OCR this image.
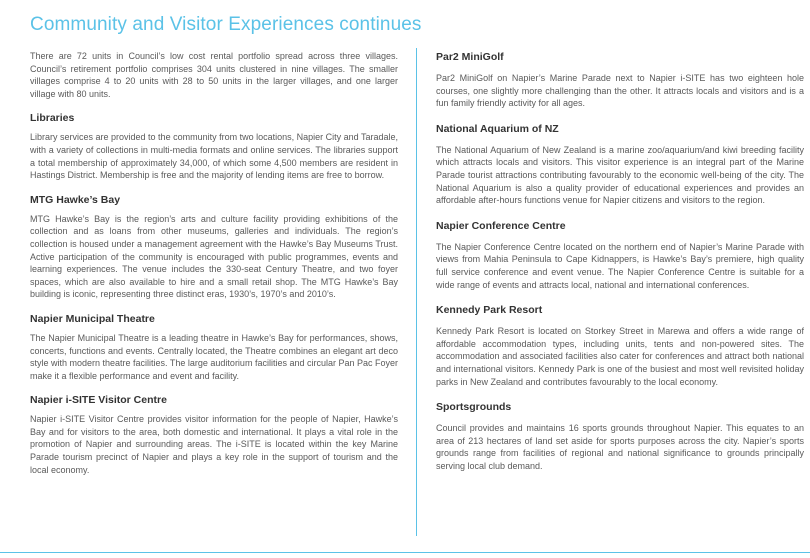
Community and Visitor Experiences continues

There are 72 units in Council’s low cost rental portfolio spread across three villages. Council’s retirement portfolio comprises 304 units clustered in nine villages. The smaller villages comprise 4 to 20 units with 28 to 50 units in the larger villages, and one larger village with 80 units.

Libraries

Library services are provided to the community from two locations, Napier City and Taradale, with a variety of collections in multi-media formats and online services. The libraries support a total membership of approximately 34,000, of which some 4,500 members are resident in Hastings District. Membership is free and the majority of lending items are free to borrow.

MTG Hawke’s Bay

MTG Hawke’s Bay is the region’s arts and culture facility providing exhibitions of the collection and as loans from other museums, galleries and individuals. The region’s collection is housed under a management agreement with the Hawke’s Bay Museums Trust. Active participation of the community is encouraged with public programmes, events and learning experiences. The venue includes the 330-seat Century Theatre, and two foyer spaces, which are also available to hire and a small retail shop. The MTG Hawke’s Bay building is iconic, representing three distinct eras, 1930’s, 1970’s and 2010’s.

Napier Municipal Theatre

The Napier Municipal Theatre is a leading theatre in Hawke’s Bay for performances, shows, concerts, functions and events. Centrally located, the Theatre combines an elegant art deco style with modern theatre facilities. The large auditorium facilities and circular Pan Pac Foyer make it a flexible performance and event and facility.

Napier i-SITE Visitor Centre

Napier i-SITE Visitor Centre provides visitor information for the people of Napier, Hawke’s Bay and for visitors to the area, both domestic and international. It plays a vital role in the promotion of Napier and surrounding areas. The i-SITE is located within the key Marine Parade tourism precinct of Napier and plays a key role in the support of tourism and the local economy.

Par2 MiniGolf

Par2 MiniGolf on Napier’s Marine Parade next to Napier i-SITE has two eighteen hole courses, one slightly more challenging than the other. It attracts locals and visitors and is a fun family friendly activity for all ages.

National Aquarium of NZ

The National Aquarium of New Zealand is a marine zoo/aquarium/and kiwi breeding facility which attracts locals and visitors. This visitor experience is an integral part of the Marine Parade tourist attractions contributing favourably to the economic well-being of the city. The National Aquarium is also a quality provider of educational experiences and provides an affordable after-hours functions venue for Napier citizens and visitors to the region.

Napier Conference Centre

The Napier Conference Centre located on the northern end of Napier’s Marine Parade with views from Mahia Peninsula to Cape Kidnappers, is Hawke’s Bay’s premiere, high quality full service conference and event venue. The Napier Conference Centre is suitable for a wide range of events and attracts local, national and international conferences.

Kennedy Park Resort

Kennedy Park Resort is located on Storkey Street in Marewa and offers a wide range of affordable accommodation types, including units, tents and non-powered sites. The accommodation and associated facilities also cater for conferences and attract both national and international visitors. Kennedy Park is one of the busiest and most well revisited holiday parks in New Zealand and contributes favourably to the local economy.

Sportsgrounds

Council provides and maintains 16 sports grounds throughout Napier. This equates to an area of 213 hectares of land set aside for sports purposes across the city. Napier’s sports grounds range from facilities of regional and national significance to grounds principally serving local club demand.
